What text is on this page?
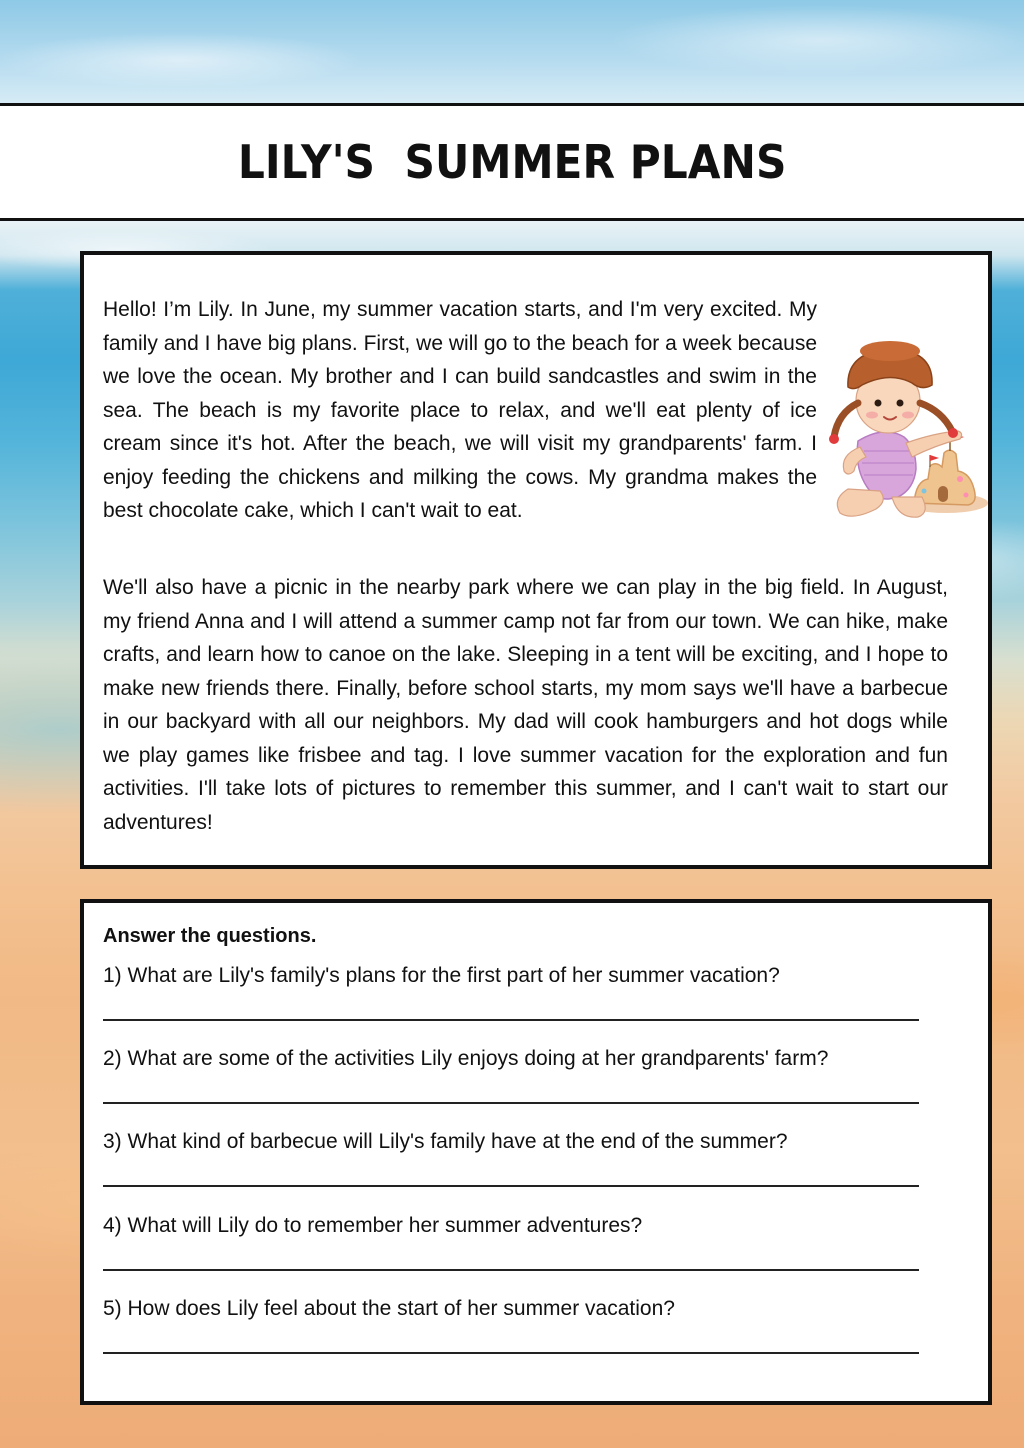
LILY'S  SUMMER PLANS

Hello! I’m Lily. In June, my summer vacation starts, and I'm very excited. My family and I have big plans. First, we will go to the beach for a week because we love the ocean. My brother and I can build sandcastles and swim in the sea. The beach is my favorite place to relax, and we'll eat plenty of ice cream since it's hot. After the beach, we will visit my grandparents' farm. I enjoy feeding the chickens and milking the cows. My grandma makes the best chocolate cake, which I can't wait to eat.

We'll also have a picnic in the nearby park where we can play in the big field. In August, my friend Anna and I will attend a summer camp not far from our town. We can hike, make crafts, and learn how to canoe on the lake. Sleeping in a tent will be exciting, and I hope to make new friends there. Finally, before school starts, my mom says we'll have a barbecue in our backyard with all our neighbors. My dad will cook hamburgers and hot dogs while we play games like frisbee and tag. I love summer vacation for the exploration and fun activities. I'll take lots of pictures to remember this summer, and I can't wait to start our adventures!

Answer the questions.

1) What are Lily's family's plans for the first part of her summer vacation?
2) What are some of the activities Lily enjoys doing at her grandparents' farm?
3) What kind of barbecue will Lily's family have at the end of the summer?
4) What will Lily do to remember her summer adventures?
5) How does Lily feel about the start of her summer vacation?
